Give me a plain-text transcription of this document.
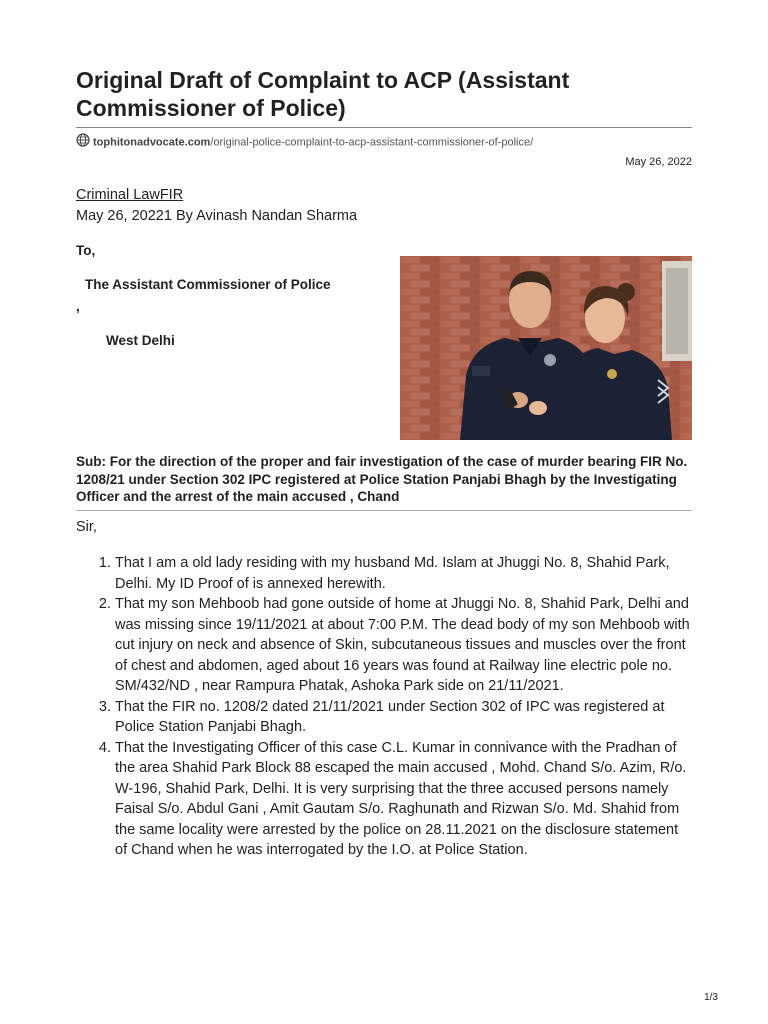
Original Draft of Complaint to ACP (Assistant Commissioner of Police)
tophitonadvocate.com/original-police-complaint-to-acp-assistant-commissioner-of-police/
May 26, 2022
Criminal LawFIR
May 26, 20221 By Avinash Nandan Sharma
To,
The Assistant Commissioner of Police
,
West Delhi

Sub: For the direction of the proper and fair investigation of the case of murder bearing FIR No. 1208/21 under Section 302 IPC registered at Police Station Panjabi Bhagh by the Investigating Officer and the arrest of the main accused , Chand

Sir,
1. That I am a old lady residing with my husband Md. Islam at Jhuggi No. 8, Shahid Park, Delhi. My ID Proof of is annexed herewith.
2. That my son Mehboob had gone outside of home at Jhuggi No. 8, Shahid Park, Delhi and was missing since 19/11/2021 at about 7:00 P.M. The dead body of my son Mehboob with cut injury on neck and absence of Skin, subcutaneous tissues and muscles over the front of chest and abdomen, aged about 16 years was found at Railway line electric pole no. SM/432/ND , near Rampura Phatak, Ashoka Park side on 21/11/2021.
3. That the FIR no. 1208/2 dated 21/11/2021 under Section 302 of IPC was registered at Police Station Panjabi Bhagh.
4. That the Investigating Officer of this case C.L. Kumar in connivance with the Pradhan of the area Shahid Park Block 88 escaped the main accused , Mohd. Chand S/o. Azim, R/o. W-196, Shahid Park, Delhi. It is very surprising that the three accused persons namely Faisal S/o. Abdul Gani , Amit Gautam S/o. Raghunath and Rizwan S/o. Md. Shahid from the same locality were arrested by the police on 28.11.2021 on the disclosure statement of Chand when he was interrogated by the I.O. at Police Station.
1/3
